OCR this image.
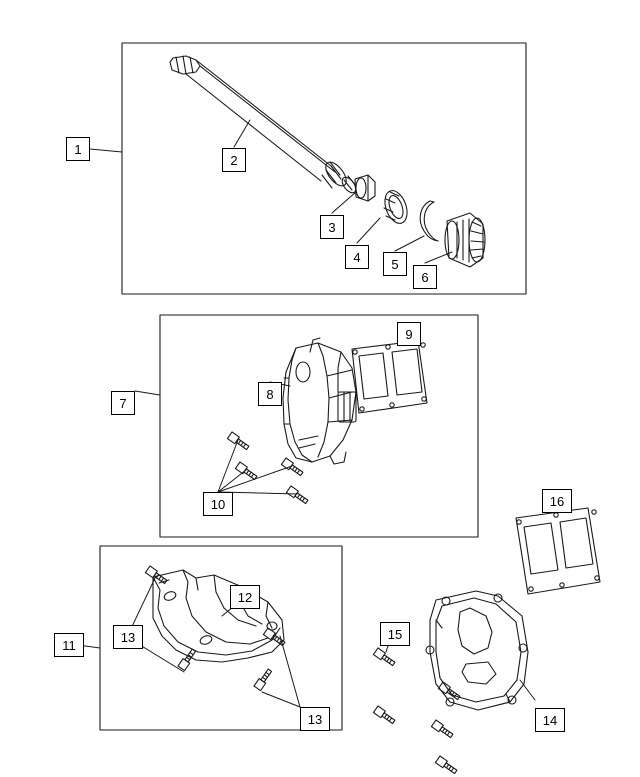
1
2
3
4	5
6
7
8
9
10
11
12
13
13	14
15
16
